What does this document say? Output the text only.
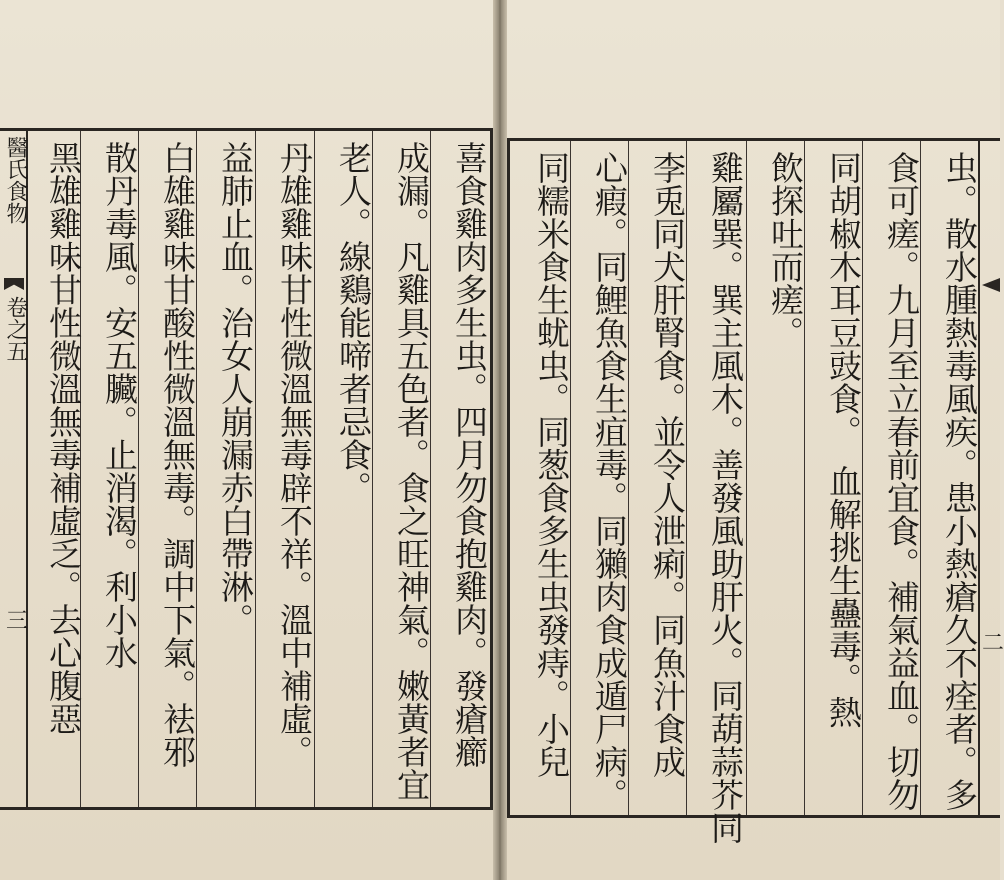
喜食雞肉多生虫。四月勿食抱雞肉。發瘡癤
成漏。凡雞具五色者。食之旺神氣。嫩黃者宜
老人。線鷄能啼者忌食。
丹雄雞味甘性微溫無毒辟不祥。溫中補虛。
益肺止血。治女人崩漏赤白帶淋。
白雄雞味甘酸性微溫無毒。調中下氣。袪邪
散丹毒風。安五臟。止消渴。利小水
黑雄雞味甘性微溫無毒補虛乏。去心腹惡
醫氏食物
卷之五
三	虫。散水腫熱毒風疾。患小熱瘡久不痊者。多
食可瘥。九月至立春前宜食。補氣益血。切勿
同胡椒木耳豆豉食。　血解挑生蠱毒。熱
飲探吐而瘥。
雞屬巽。巽主風木。善發風助肝火。同葫蒜芥同
李兎同犬肝腎食。並令人泄痢。同魚汁食成
心瘕。同鯉魚食生疽毒。同獺肉食成遁尸病。
同糯米食生蚘虫。同葱食多生虫發痔。小兒	二
